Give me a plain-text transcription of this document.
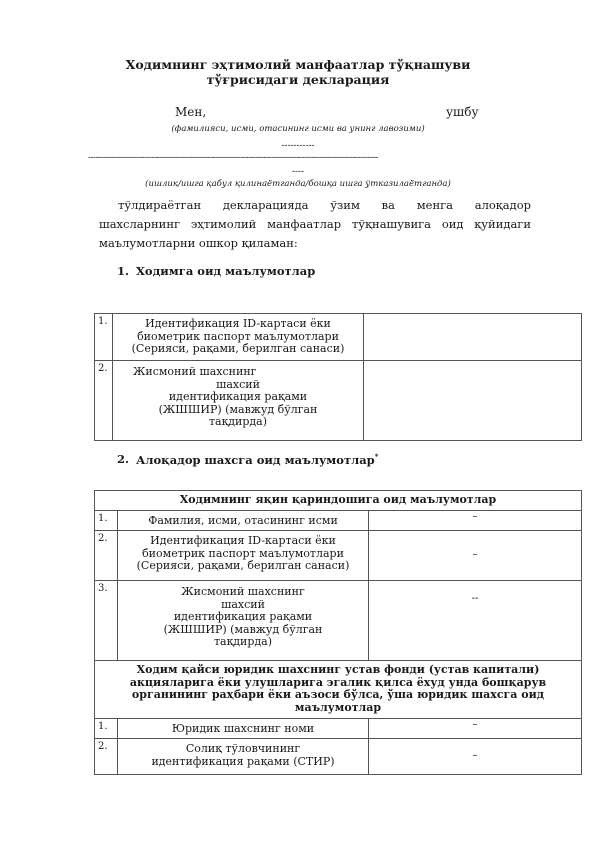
Ходимнинг эҳтимолий манфаатлар тўқнашуви
тўғрисидаги декларация
Мен,	ушбу
(фамилияси, исми, отасининг исми ва унинг лавозими)
-----------
------------------------------------------------------------------------------------------------------------------
----
(ишлик/ишга қабул қилинаётганда/бошқа ишга ўтказилаётганда)
тўлдираётган декларацияда ўзим ва менга алоқадор
шахсларнинг эҳтимолий манфаатлар тўқнашувига оид қуйидаги
маълумотларни ошкор қиламан:
1. Ходимга оид маълумотлар
1.	Идентификация ID-картаси ёки
биометрик паспорт маълумотлари
(Серияси, рақами, берилган санаси)	

2.	Жисмоний шахснинг
шахсий
идентификация рақами
(ЖШШИР) (мавжуд бўлган
тақдирда)	

2. Алоқадор шахсга оид маълумотлар*
Ходимнинг яқин қариндошига оид маълумотлар		

1.	Фамилия, исми, отасининг исми	–

2.	Идентификация ID-картаси ёки
биометрик паспорт маълумотлари
(Серияси, рақами, берилган санаси)	–

3.	Жисмоний шахснинг
шахсий
идентификация рақами
(ЖШШИР) (мавжуд бўлган
тақдирда)	--

Ходим қайси юридик шахснинг устав фонди (устав капитали)
акцияларига ёки улушларига эгалик қилса ёхуд унда бошқарув
органининг раҳбари ёки аъзоси бўлса, ўша юридик шахсга оид
маълумотлар		

1.	Юридик шахснинг номи	–

2.	Солиқ тўловчининг
идентификация рақами (СТИР)	–
